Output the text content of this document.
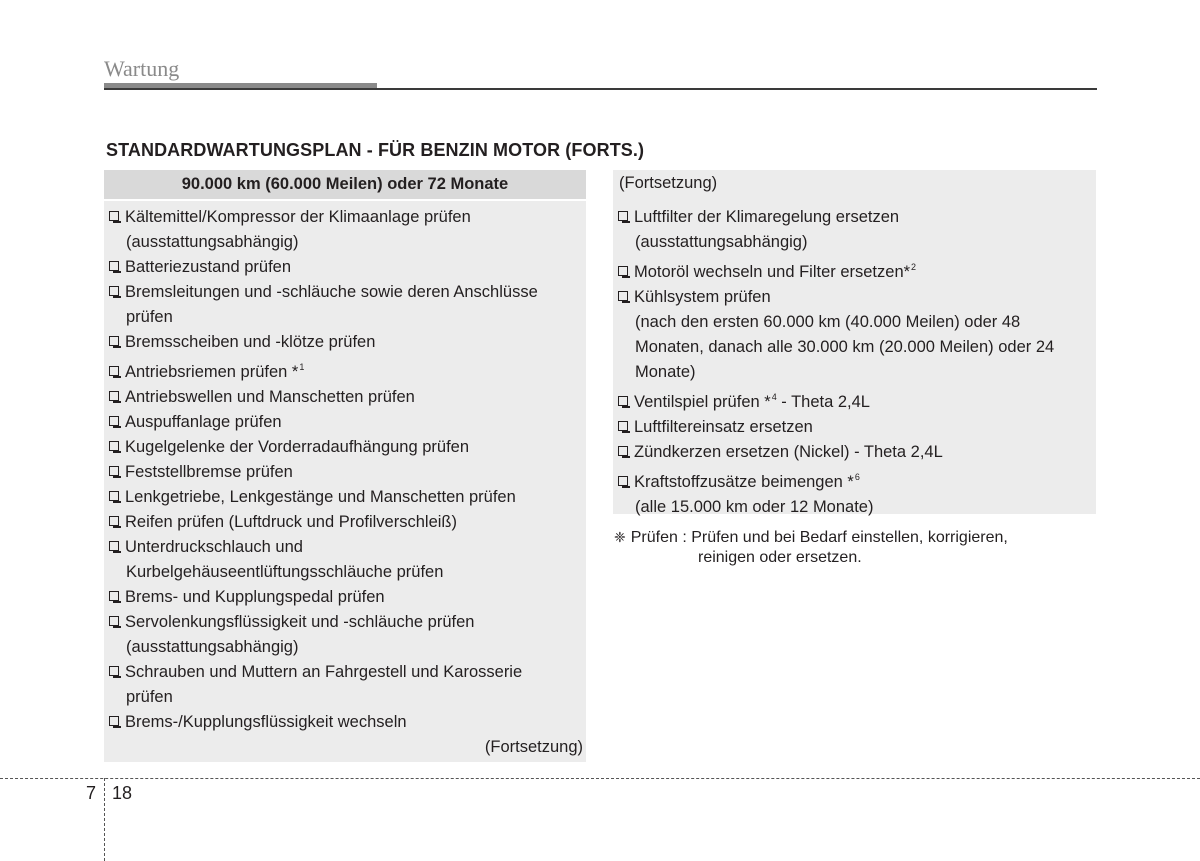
Wartung
STANDARDWARTUNGSPLAN - FÜR BENZIN MOTOR (FORTS.)
90.000 km (60.000 Meilen) oder 72 Monate
Kältemittel/Kompressor der Klimaanlage prüfen
(ausstattungsabhängig)
Batteriezustand prüfen
Bremsleitungen und -schläuche sowie deren Anschlüsse
prüfen
Bremsscheiben und -klötze prüfen
Antriebsriemen prüfen *$^1$
Antriebswellen und Manschetten prüfen
Auspuffanlage prüfen
Kugelgelenke der Vorderradaufhängung prüfen
Feststellbremse prüfen
Lenkgetriebe, Lenkgestänge und Manschetten prüfen
Reifen prüfen (Luftdruck und Profilverschleiß)
Unterdruckschlauch und
Kurbelgehäuseentlüftungsschläuche prüfen
Brems- und Kupplungspedal prüfen
Servolenkungsflüssigkeit und -schläuche prüfen
(ausstattungsabhängig)
Schrauben und Muttern an Fahrgestell und Karosserie
prüfen
Brems-/Kupplungsflüssigkeit wechseln
(Fortsetzung)
(Fortsetzung)
Luftfilter der Klimaregelung ersetzen
(ausstattungsabhängig)
Motoröl wechseln und Filter ersetzen*$^2$
Kühlsystem prüfen
(nach den ersten 60.000 km (40.000 Meilen) oder 48
Monaten, danach alle 30.000 km (20.000 Meilen) oder 24
Monate)
Ventilspiel prüfen *$^4$ - Theta 2,4L
Luftfiltereinsatz ersetzen
Zündkerzen ersetzen (Nickel) - Theta 2,4L
Kraftstoffzusätze beimengen *$^6$
(alle 15.000 km oder 12 Monate)
❈ Prüfen : Prüfen und bei Bedarf einstellen, korrigieren,
reinigen oder ersetzen.
7 18
